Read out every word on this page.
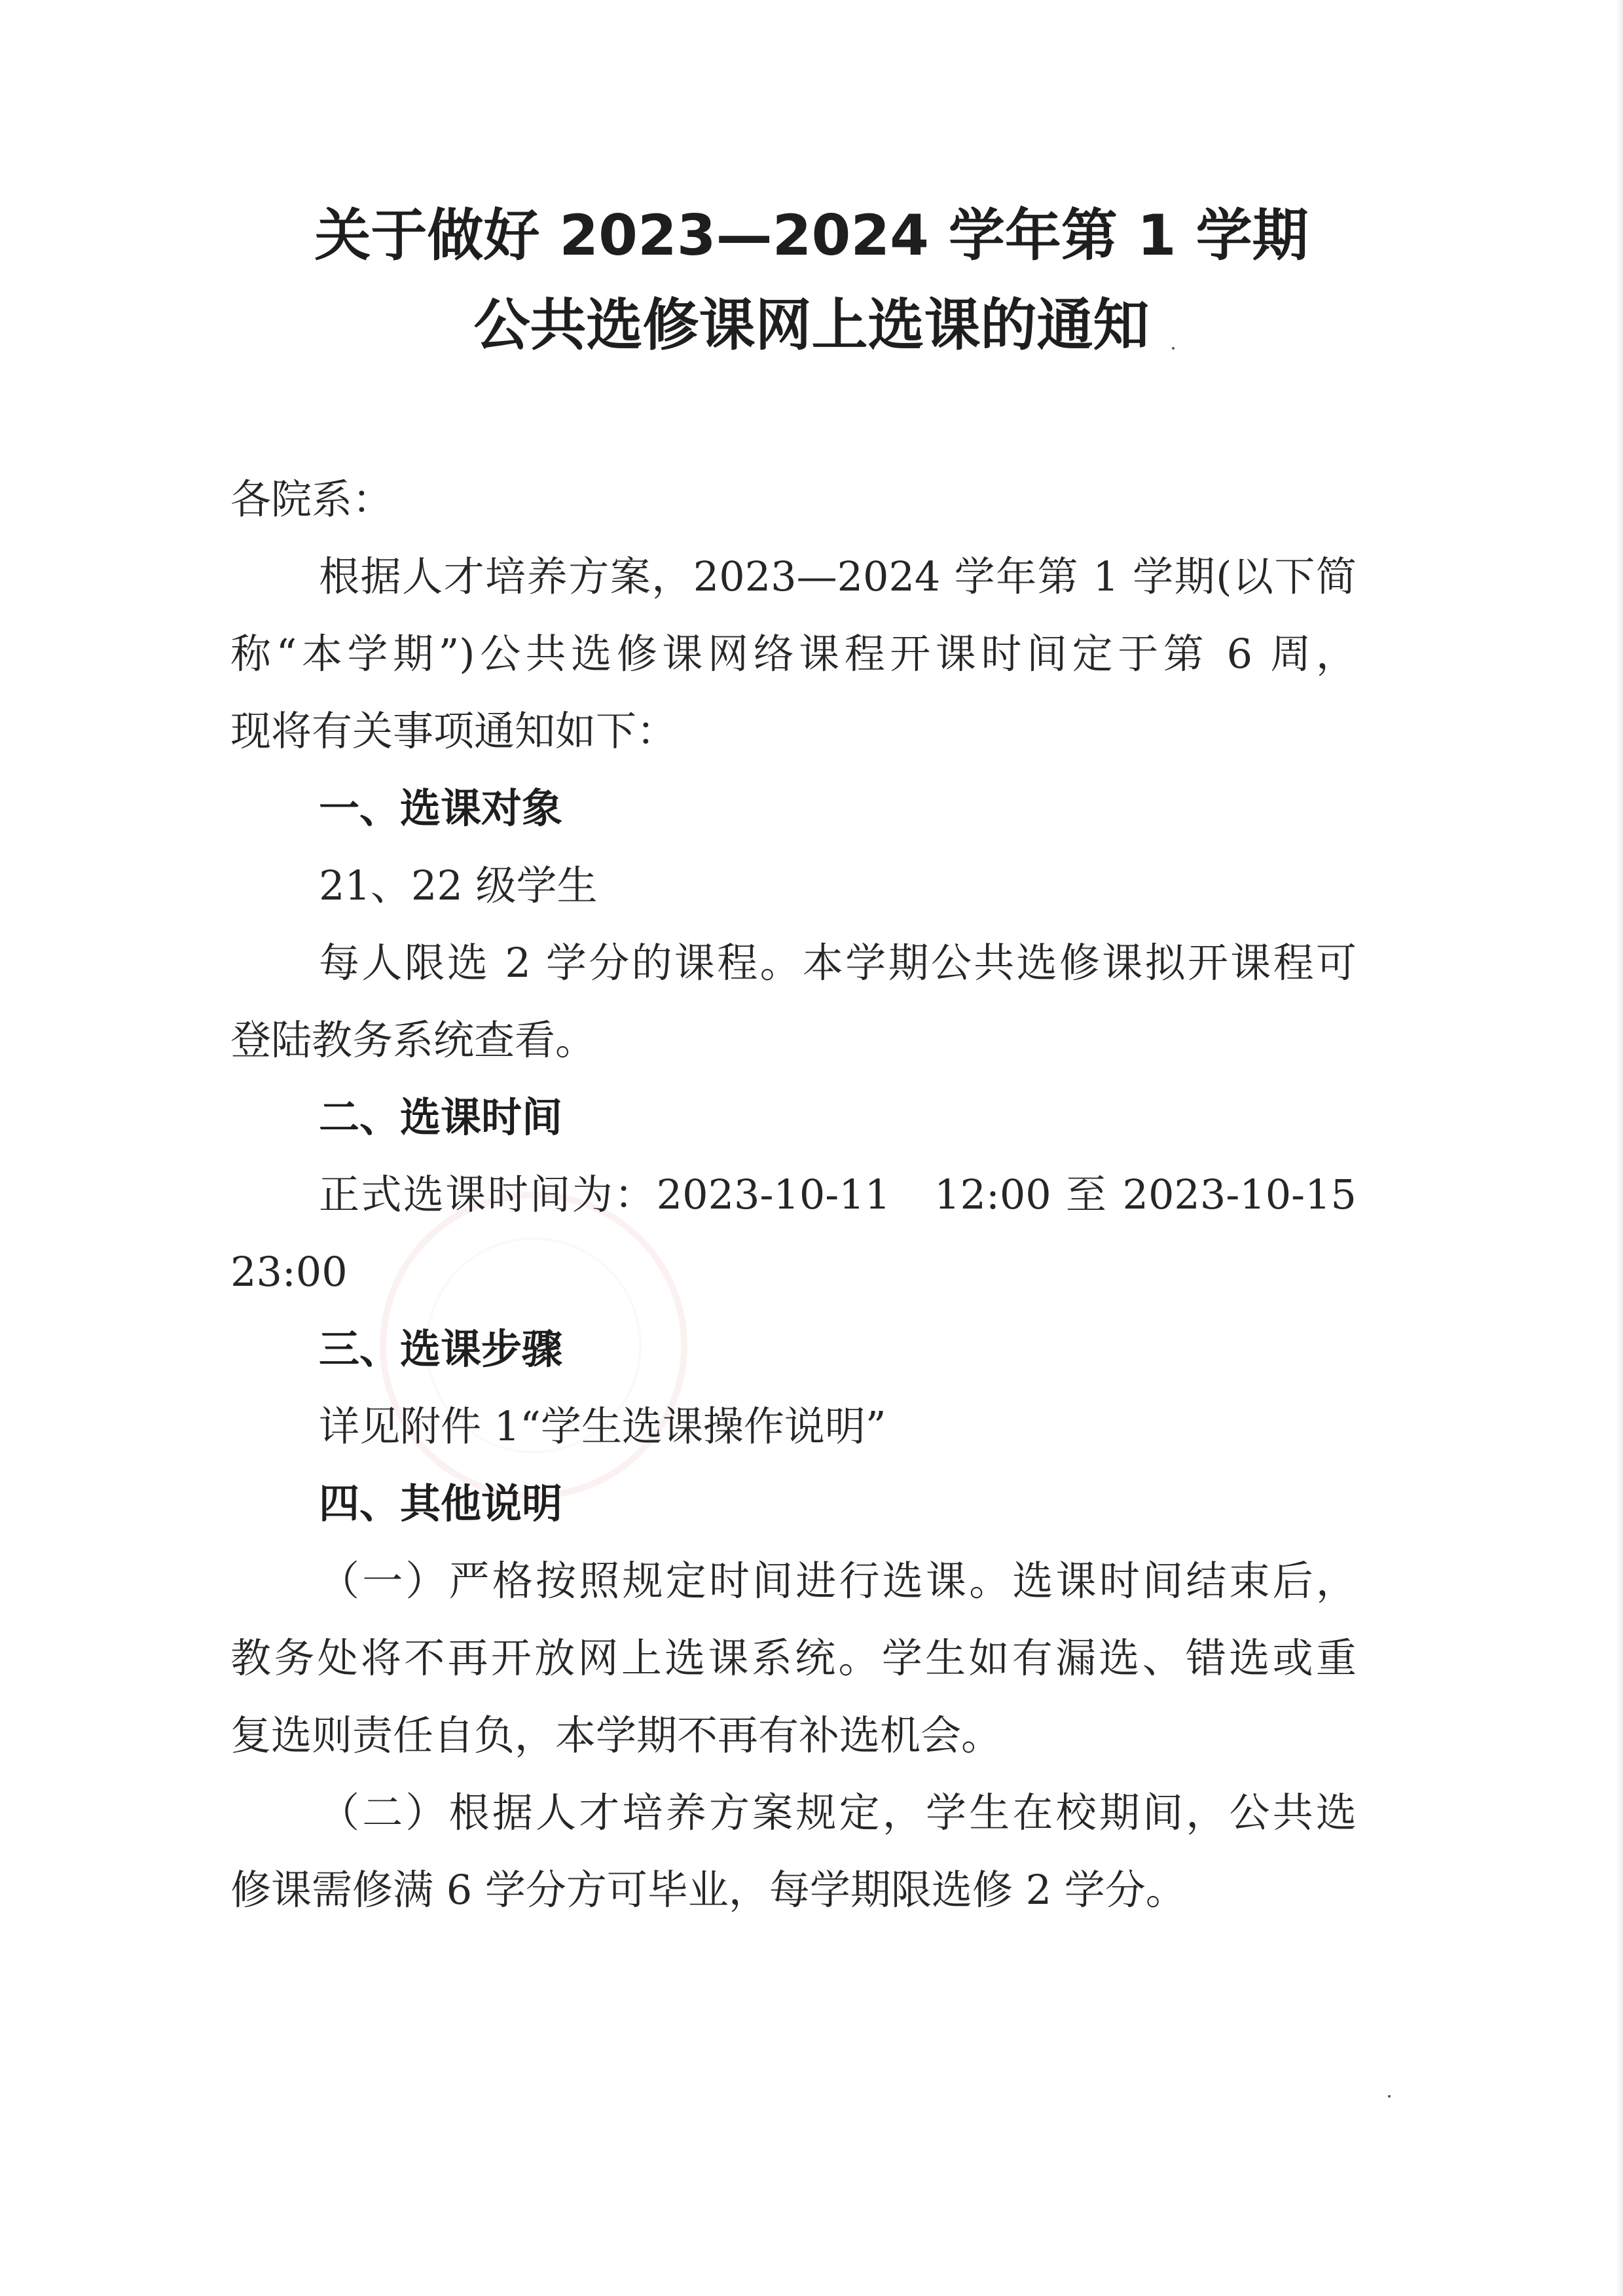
关于做好 2023—2024 学年第 1 学期
公共选修课网上选课的通知
各院系：
根据人才培养方案，2023—2024 学年第 1 学期(以下简
称“本学期”)公共选修课网络课程开课时间定于第 6 周，
现将有关事项通知如下：
一、选课对象
21、22 级学生
每人限选 2 学分的课程。本学期公共选修课拟开课程可
登陆教务系统查看。
二、选课时间
正式选课时间为：2023-10-11　12:00 至 2023-10-15
23:00
三、选课步骤
详见附件 1“学生选课操作说明”
四、其他说明
（一）严格按照规定时间进行选课。选课时间结束后，
教务处将不再开放网上选课系统。学生如有漏选、错选或重
复选则责任自负，本学期不再有补选机会。
（二）根据人才培养方案规定，学生在校期间，公共选
修课需修满 6 学分方可毕业，每学期限选修 2 学分。
